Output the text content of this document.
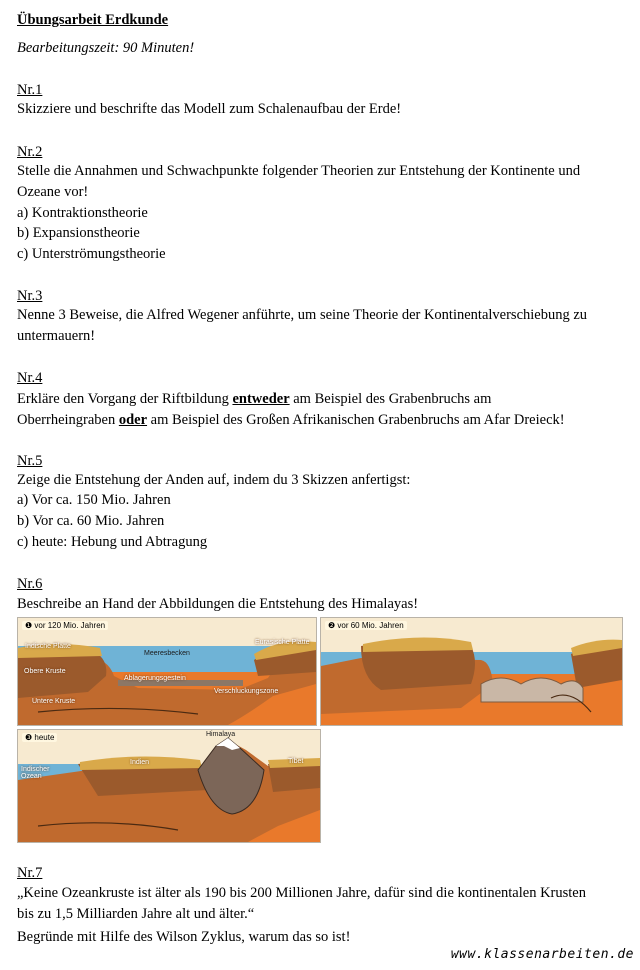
Übungsarbeit Erdkunde
Bearbeitungszeit: 90 Minuten!
Nr.1
Skizziere und beschrifte das Modell zum Schalenaufbau der Erde!
Nr.2
Stelle die Annahmen und Schwachpunkte folgender Theorien zur Entstehung der Kontinente und
Ozeane vor!
a) Kontraktionstheorie
b) Expansionstheorie
c) Unterströmungstheorie
Nr.3
Nenne 3 Beweise, die Alfred Wegener anführte, um seine Theorie der Kontinentalverschiebung zu
untermauern!
Nr.4
Erkläre den Vorgang der Riftbildung entweder am Beispiel des Grabenbruchs am
Oberrheingraben oder am Beispiel des Großen Afrikanischen Grabenbruchs am Afar Dreieck!
Nr.5
Zeige die Entstehung der Anden auf, indem du 3 Skizzen anfertigst:
a) Vor ca. 150 Mio. Jahren
b) Vor ca. 60 Mio. Jahren
c) heute: Hebung und Abtragung
Nr.6
Beschreibe an Hand der Abbildungen die Entstehung des Himalayas!
❶ vor 120 Mio. Jahren
Indische Platte
Eurasische Platte
Meeresbecken
Obere Kruste
Untere Kruste
Ablagerungsgestein
Verschluckungszone
❷ vor 60 Mio. Jahren
❸ heute	Himalaya
Indien	Tibet
Indischer Ozean
Nr.7
„Keine Ozeankruste ist älter als 190 bis 200 Millionen Jahre, dafür sind die kontinentalen Krusten
bis zu 1,5 Milliarden Jahre alt und älter.“
Begründe mit Hilfe des Wilson Zyklus, warum das so ist!
www.klassenarbeiten.de
